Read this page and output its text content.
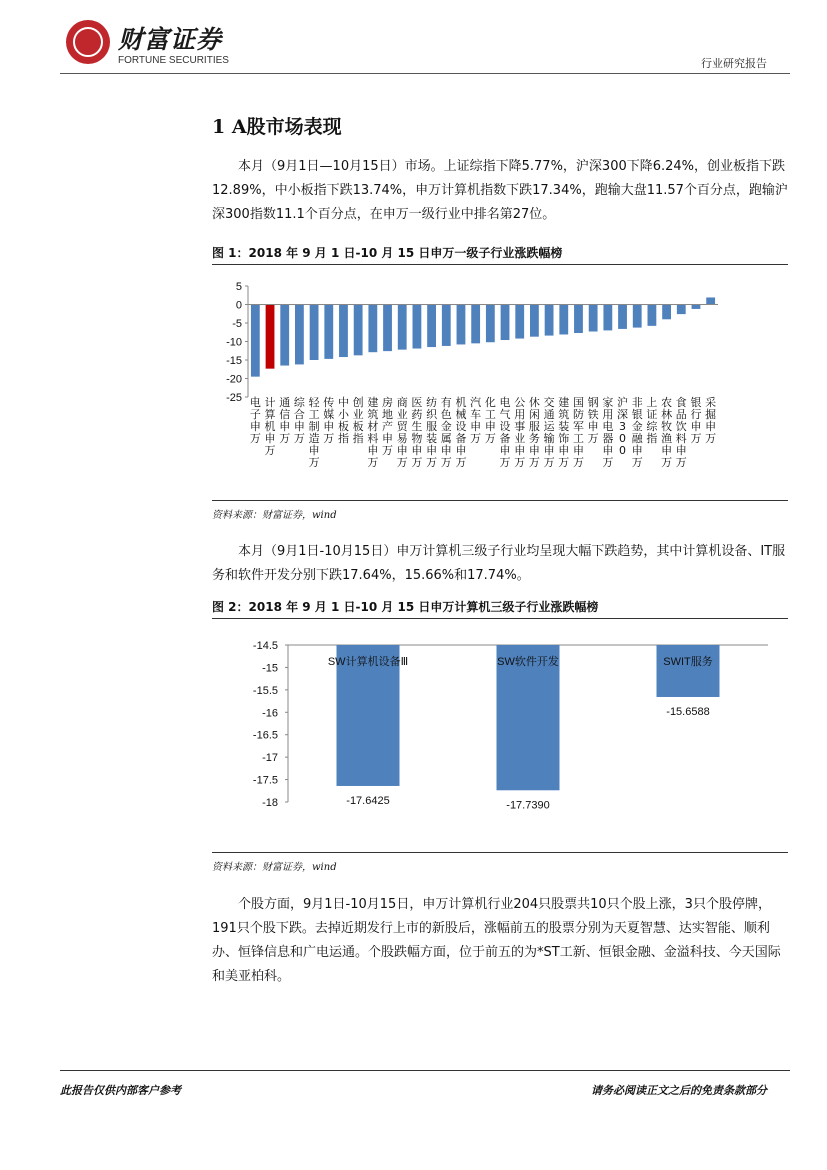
财富证券
FORTUNE SECURITIES	行业研究报告
1 A股市场表现
本月（9月1日—10月15日）市场。上证综指下降5.77%，沪深300下降6.24%，创业板指下跌12.89%，中小板指下跌13.74%，申万计算机指数下跌17.34%，跑输大盘11.57个百分点，跑输沪深300指数11.1个百分点，在申万一级行业中排名第27位。
图 1：2018 年 9 月 1 日-10 月 15 日申万一级子行业涨跌幅榜
5
0
-5
-10
-15
-20
-25 电子申万
计算机申万
通信申万
综合申万
轻工制造申万
传媒申万
中小板指
创业板指
建筑材料申万
房地产申万
商业贸易申万
医药生物申万
纺织服装申万
有色金属申万
机械设备申万
汽车申万
化工申万
电气设备申万
公用事业申万
休闲服务申万
交通运输申万
建筑装饰申万
国防军工申万
钢铁申万
家用电器申万
沪深 3 0 0
非银金融申万
上证综指
农林牧渔申万
食品饮料申万
银行申万
采掘申万
资料来源：财富证券，wind
本月（9月1日-10月15日）申万计算机三级子行业均呈现大幅下跌趋势，其中计算机设备、IT服务和软件开发分别下跌17.64%，15.66%和17.74%。
图 2：2018 年 9 月 1 日-10 月 15 日申万计算机三级子行业涨跌幅榜
-14.5
-15
-15.5
-16
-16.5
-17
-17.5
-18
SW计算机设备Ⅲ
-17.6425
SW软件开发
-17.7390
SWIT服务
-15.6588
资料来源：财富证券，wind
个股方面，9月1日-10月15日，申万计算机行业204只股票共10只个股上涨，3只个股停牌，191只个股下跌。去掉近期发行上市的新股后，涨幅前五的股票分别为天夏智慧、达实智能、顺利办、恒锋信息和广电运通。个股跌幅方面，位于前五的为*ST工新、恒银金融、金溢科技、今天国际和美亚柏科。
此报告仅供内部客户参考	请务必阅读正文之后的免责条款部分
